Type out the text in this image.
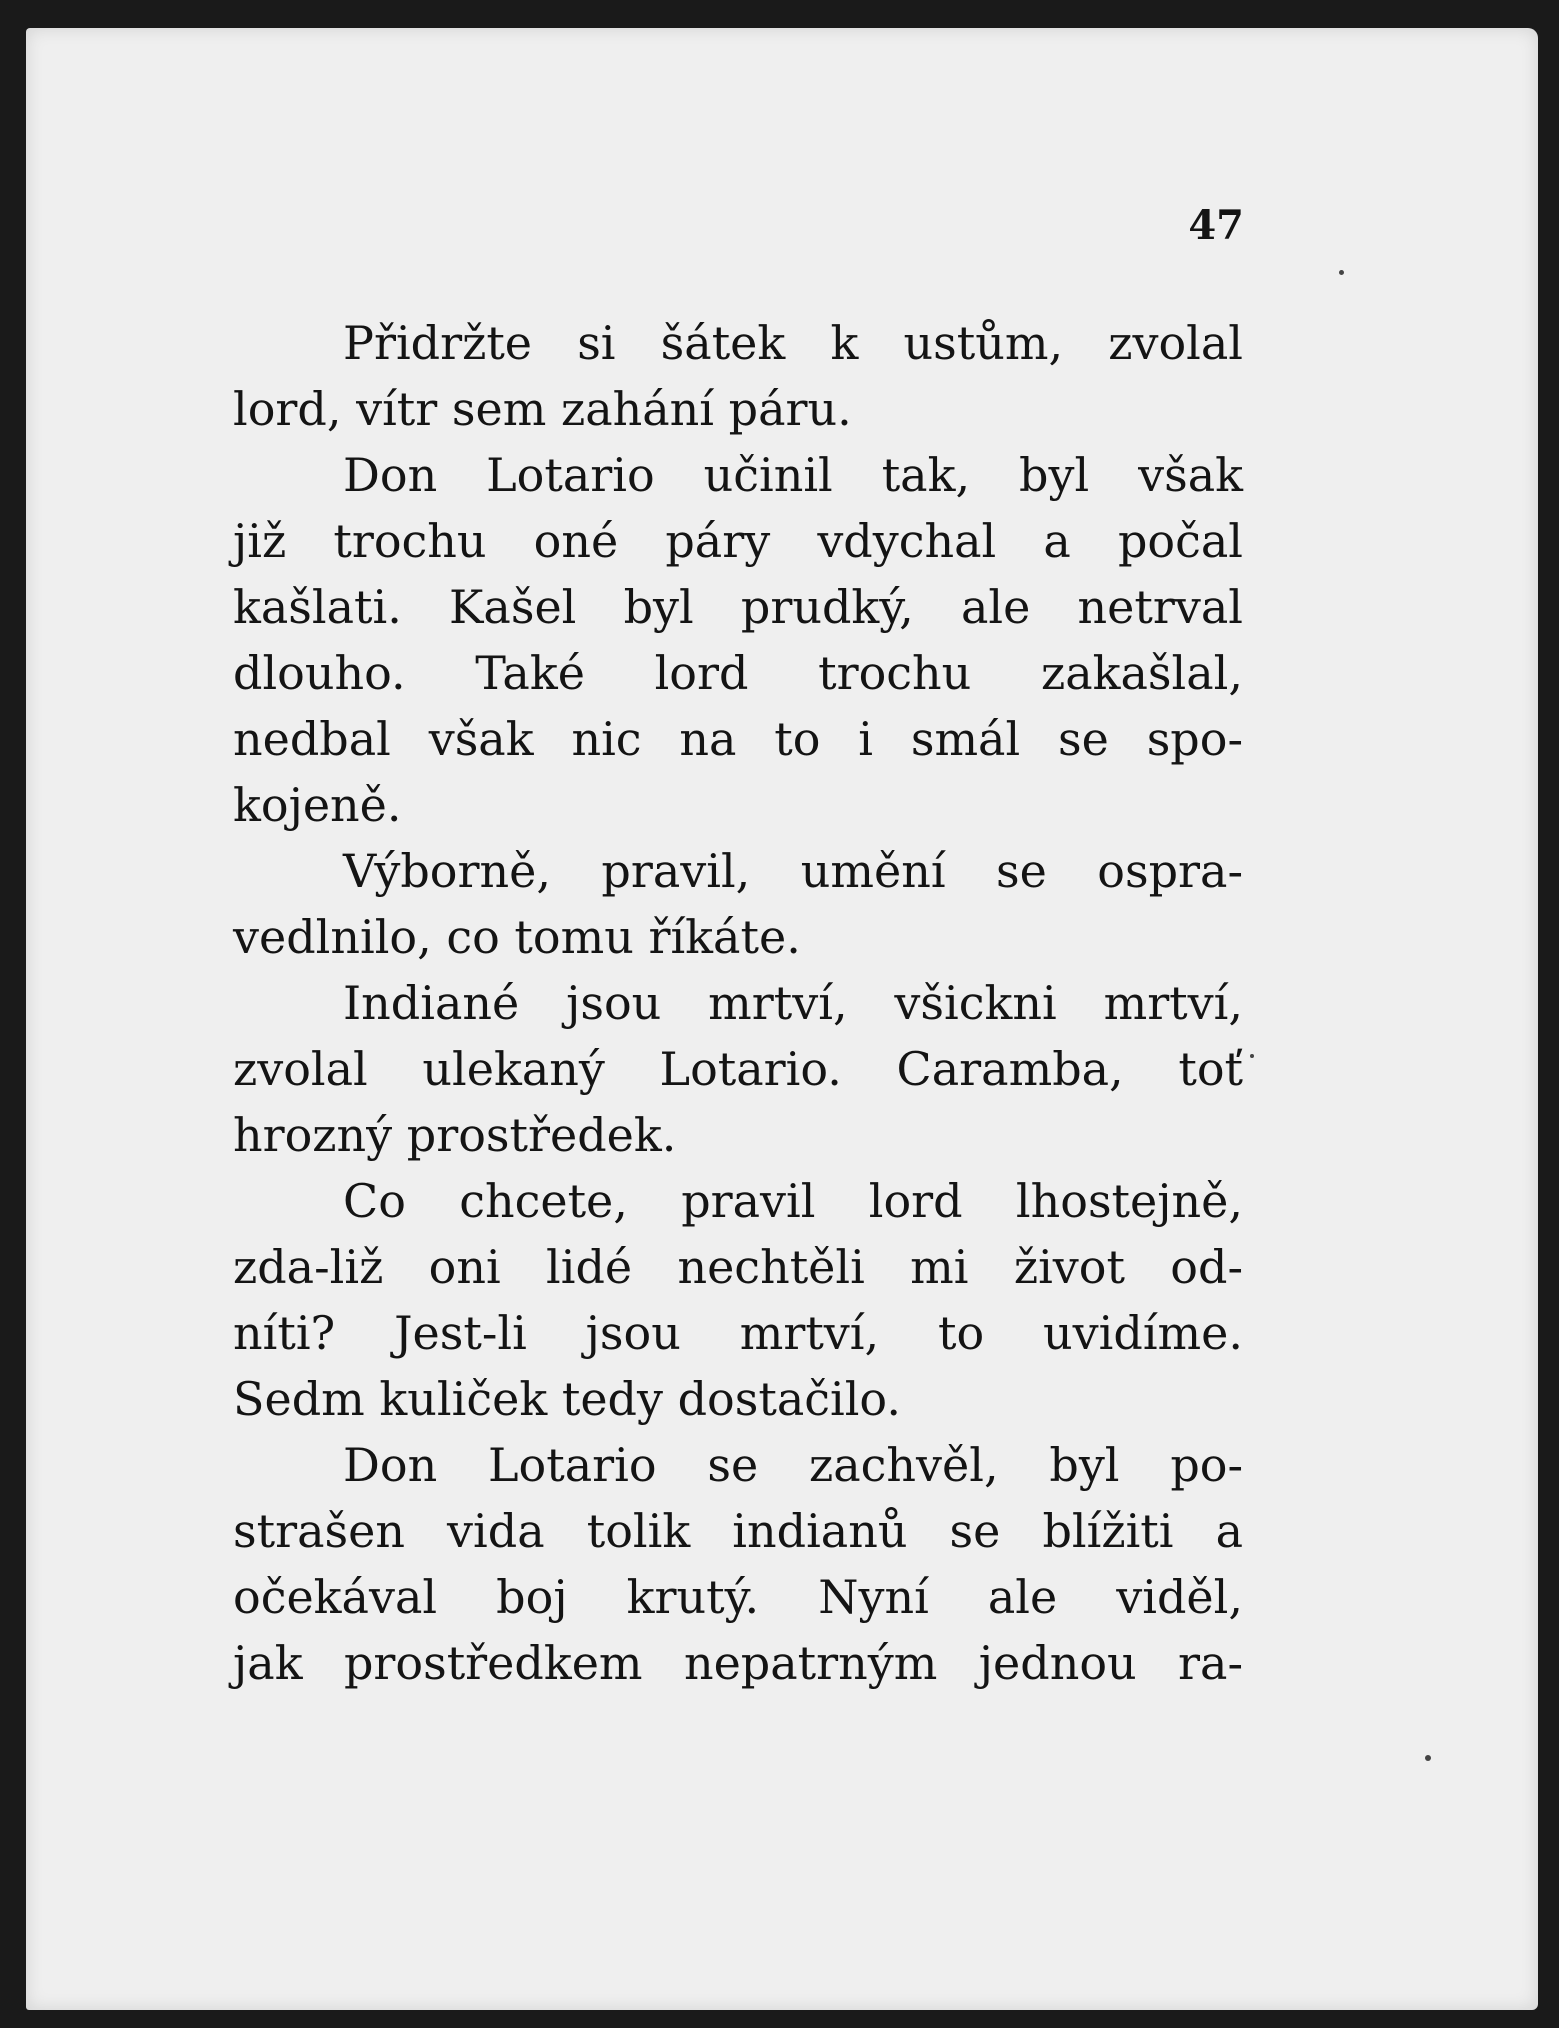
47
Přidržte si šátek k ustům, zvolal
lord, vítr sem zahání páru.
Don Lotario učinil tak, byl však
již trochu oné páry vdychal a počal
kašlati. Kašel byl prudký, ale netrval
dlouho. Také lord trochu zakašlal,
nedbal však nic na to i smál se spo-
kojeně.
Výborně, pravil, umění se ospra-
vedlnilo, co tomu říkáte.
Indiané jsou mrtví, všickni mrtví,
zvolal ulekaný Lotario. Caramba, toť
hrozný prostředek.
Co chcete, pravil lord lhostejně,
zda-liž oni lidé nechtěli mi život od-
níti? Jest-li jsou mrtví, to uvidíme.
Sedm kuliček tedy dostačilo.
Don Lotario se zachvěl, byl po-
strašen vida tolik indianů se blížiti a
očekával boj krutý. Nyní ale viděl,
jak prostředkem nepatrným jednou ra-
